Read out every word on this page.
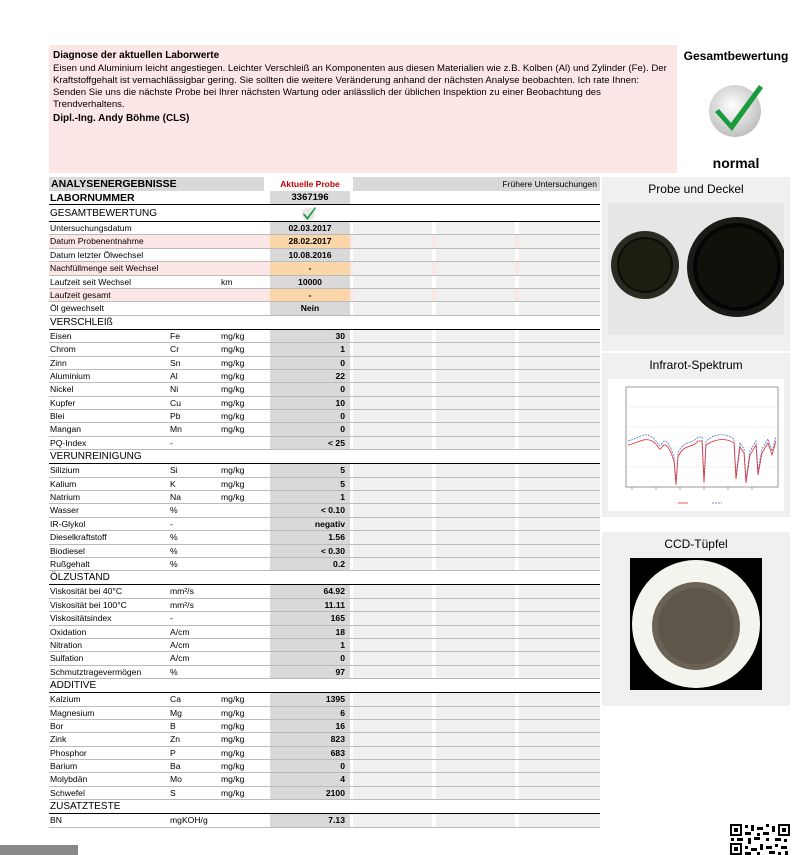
Diagnose der aktuellen Laborwerte
Eisen und Aluminium leicht angestiegen. Leichter Verschleiß an Komponenten aus diesen Materialien wie z.B. Kolben (Al) und Zylinder (Fe). Der Kraftstoffgehalt ist vernachlässigbar gering. Sie sollten die weitere Veränderung anhand der nächsten Analyse beobachten. Ich rate Ihnen: Senden Sie uns die nächste Probe bei Ihrer nächsten Wartung oder anlässlich der üblichen Inspektion zu einer Beobachtung des Trendverhaltens.
Dipl.-Ing. Andy Böhme (CLS)
Gesamtbewertung
normal
ANALYSENERGEBNISSE	Aktuelle Probe	Frühere Untersuchungen
LABORNUMMER	3367196
GESAMTBEWERTUNG
Untersuchungsdatum	02.03.2017
Datum Probenentnahme	28.02.2017
Datum letzter Ölwechsel	10.08.2016
Nachfüllmenge seit Wechsel	-
Laufzeit seit Wechsel	km	10000
Laufzeit gesamt	-
Öl gewechselt	Nein
VERSCHLEIß
Eisen	Fe	mg/kg	30
Chrom	Cr	mg/kg	1
Zinn	Sn	mg/kg	0
Aluminium	Al	mg/kg	22
Nickel	Ni	mg/kg	0
Kupfer	Cu	mg/kg	10
Blei	Pb	mg/kg	0
Mangan	Mn	mg/kg	0
PQ-Index	-	< 25
VERUNREINIGUNG
Silizium	Si	mg/kg	5
Kalium	K	mg/kg	5
Natrium	Na	mg/kg	1
Wasser	%	< 0.10
IR-Glykol	-	negativ
Dieselkraftstoff	%	1.56
Biodiesel	%	< 0.30
Rußgehalt	%	0.2
ÖLZUSTAND
Viskosität bei 40°C	mm²/s	64.92
Viskosität bei 100°C	mm²/s	11.11
Viskositätsindex	-	165
Oxidation	A/cm	18
Nitration	A/cm	1
Sulfation	A/cm	0
Schmutztragevermögen	%	97
ADDITIVE
Kalzium	Ca	mg/kg	1395
Magnesium	Mg	mg/kg	6
Bor	B	mg/kg	16
Zink	Zn	mg/kg	823
Phosphor	P	mg/kg	683
Barium	Ba	mg/kg	0
Molybdän	Mo	mg/kg	4
Schwefel	S	mg/kg	2100
ZUSATZTESTE
BN	mgKOH/g	7.13
Probe und Deckel
Infrarot-Spektrum
CCD-Tüpfel
